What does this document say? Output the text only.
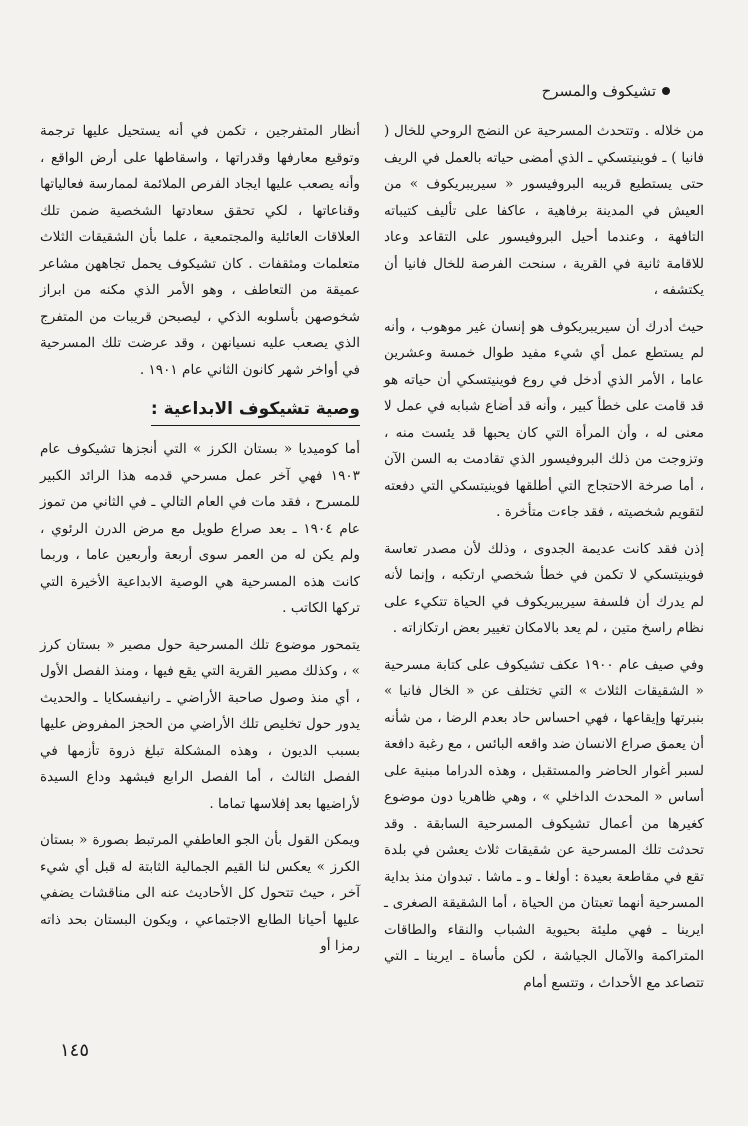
تشيكوف والمسرح

من خلاله . وتتحدث المسرحية عن النضج الروحي للخال ( فانيا ) ـ فوينيتسكي ـ الذي أمضى حياته بالعمل في الريف حتى يستطيع قريبه البروفيسور « سيريبريكوف » من العيش في المدينة برفاهية ، عاكفا على تأليف كتيباته التافهة ، وعندما أحيل البروفيسور على التقاعد وعاد للاقامة ثانية في القرية ، سنحت الفرصة للخال فانيا أن يكتشفه ،

حيث أدرك أن سيريبريكوف هو إنسان غير موهوب ، وأنه لم يستطع عمل أي شيء مفيد طوال خمسة وعشرين عاما ، الأمر الذي أدخل في روع فوينيتسكي أن حياته هو قد قامت على خطأ كبير ، وأنه قد أضاع شبابه في عمل لا معنى له ، وأن المرأة التي كان يحبها قد يئست منه ، وتزوجت من ذلك البروفيسور الذي تقادمت به السن الآن ، أما صرخة الاحتجاج التي أطلقها فوينيتسكي التي دفعته لتقويم شخصيته ، فقد جاءت متأخرة .

إذن فقد كانت عديمة الجدوى ، وذلك لأن مصدر تعاسة فوينيتسكي لا تكمن في خطأ شخصي ارتكبه ، وإنما لأنه لم يدرك أن فلسفة سيريبريكوف في الحياة تتكيء على نظام راسخ متين ، لم يعد بالامكان تغيير بعض ارتكازاته .

وفي صيف عام ١٩٠٠ عكف تشيكوف على كتابة مسرحية « الشقيقات الثلاث » التي تختلف عن « الخال فانيا » بنبرتها وإيقاعها ، فهي احساس حاد بعدم الرضا ، من شأنه أن يعمق صراع الانسان ضد واقعه البائس ، مع رغبة دافعة لسبر أغوار الحاضر والمستقبل ، وهذه الدراما مبنية على أساس « المحدث الداخلي » ، وهي ظاهريا دون موضوع كغيرها من أعمال تشيكوف المسرحية السابقة . وقد تحدثت تلك المسرحية عن شقيقات ثلاث يعشن في بلدة تقع في مقاطعة بعيدة : أولغا ـ و ـ ماشا . تبدوان منذ بداية المسرحية أنهما تعبتان من الحياة ، أما الشقيقة الصغرى ـ ايرينا ـ فهي مليئة بحيوية الشباب والنقاء والطاقات المتراكمة والآمال الجياشة ، لكن مأساة ـ ايرينا ـ التي تتصاعد مع الأحداث ، وتتسع أمام

أنظار المتفرجين ، تكمن في أنه يستحيل عليها ترجمة وتوقيع معارفها وقدراتها ، واسقاطها على أرض الواقع ، وأنه يصعب عليها ايجاد الفرص الملائمة لممارسة فعالياتها وقناعاتها ، لكي تحقق سعادتها الشخصية ضمن تلك العلاقات العائلية والمجتمعية ، علما بأن الشقيقات الثلاث متعلمات ومثقفات . كان تشيكوف يحمل تجاههن مشاعر عميقة من التعاطف ، وهو الأمر الذي مكنه من ابراز شخوصهن بأسلوبه الذكي ، ليصبحن قريبات من المتفرج الذي يصعب عليه نسيانهن ، وقد عرضت تلك المسرحية في أواخر شهر كانون الثاني عام ١٩٠١ .

وصية تشيكوف الابداعية :

أما كوميديا « بستان الكرز » التي أنجزها تشيكوف عام ١٩٠٣ فهي آخر عمل مسرحي قدمه هذا الرائد الكبير للمسرح ، فقد مات في العام التالي ـ في الثاني من تموز عام ١٩٠٤ ـ بعد صراع طويل مع مرض الدرن الرئوي ، ولم يكن له من العمر سوى أربعة وأربعين عاما ، وربما كانت هذه المسرحية هي الوصية الابداعية الأخيرة التي تركها الكاتب .

يتمحور موضوع تلك المسرحية حول مصير « بستان كرز » ، وكذلك مصير القرية التي يقع فيها ، ومنذ الفصل الأول ، أي منذ وصول صاحبة الأراضي ـ رانيفسكايا ـ والحديث يدور حول تخليص تلك الأراضي من الحجز المفروض عليها بسبب الديون ، وهذه المشكلة تبلغ ذروة تأزمها في الفصل الثالث ، أما الفصل الرابع فيشهد وداع السيدة لأراضيها بعد إفلاسها تماما .

ويمكن القول بأن الجو العاطفي المرتبط بصورة « بستان الكرز » يعكس لنا القيم الجمالية الثابتة له قبل أي شيء آخر ، حيث تتحول كل الأحاديث عنه الى مناقشات يضفي عليها أحيانا الطابع الاجتماعي ، ويكون البستان بحد ذاته رمزا أو

١٤٥
